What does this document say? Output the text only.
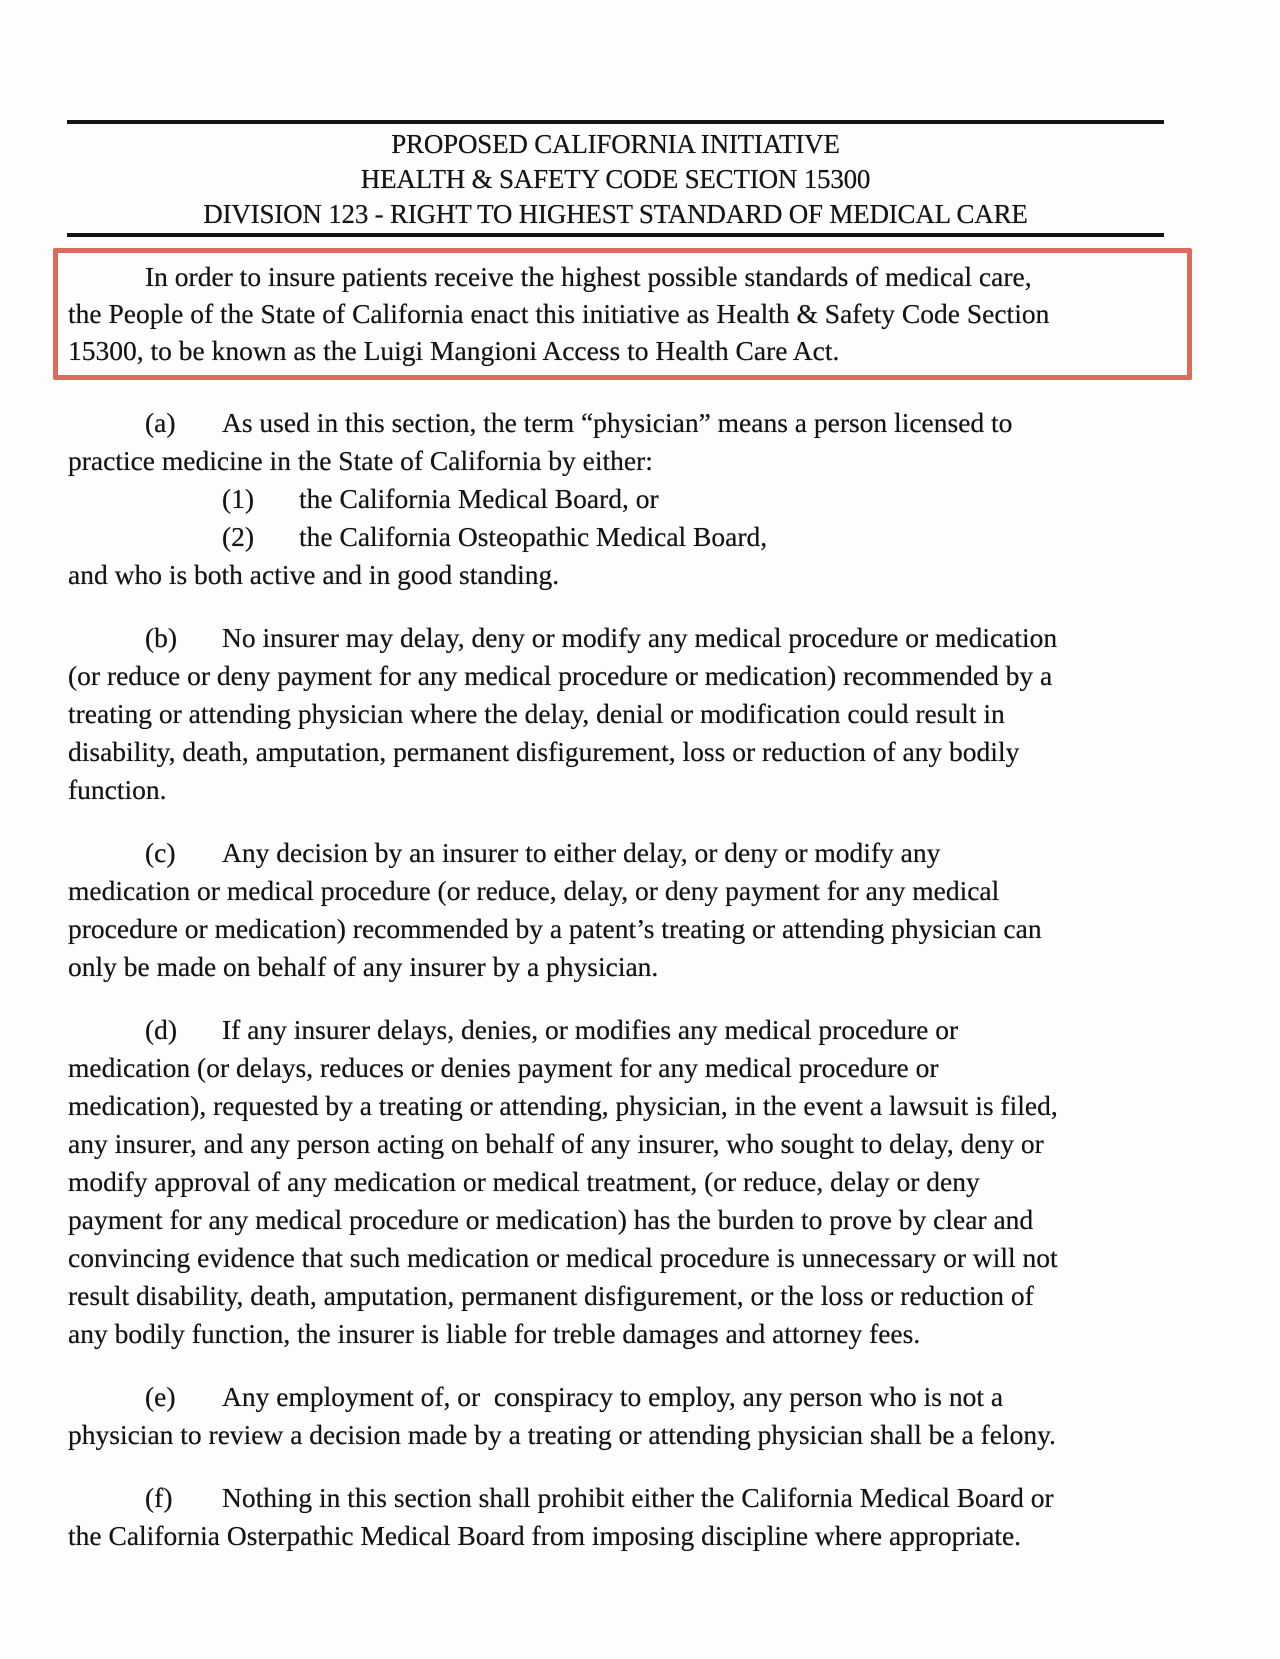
PROPOSED CALIFORNIA INITIATIVE
HEALTH & SAFETY CODE SECTION 15300
DIVISION 123 - RIGHT TO HIGHEST STANDARD OF MEDICAL CARE
	In order to insure patients receive the highest possible standards of medical care,
the People of the State of California enact this initiative as Health & Safety Code Section
15300, to be known as the Luigi Mangioni Access to Health Care Act.
	(a)	As used in this section, the term “physician” means a person licensed to
practice medicine in the State of California by either:
		(1)	the California Medical Board, or
		(2)	the California Osteopathic Medical Board,
and who is both active and in good standing.
	(b)	No insurer may delay, deny or modify any medical procedure or medication
(or reduce or deny payment for any medical procedure or medication) recommended by a
treating or attending physician where the delay, denial or modification could result in
disability, death, amputation, permanent disfigurement, loss or reduction of any bodily
function.
	(c)	Any decision by an insurer to either delay, or deny or modify any
medication or medical procedure (or reduce, delay, or deny payment for any medical
procedure or medication) recommended by a patent’s treating or attending physician can
only be made on behalf of any insurer by a physician.
	(d)	If any insurer delays, denies, or modifies any medical procedure or
medication (or delays, reduces or denies payment for any medical procedure or
medication), requested by a treating or attending, physician, in the event a lawsuit is filed,
any insurer, and any person acting on behalf of any insurer, who sought to delay, deny or
modify approval of any medication or medical treatment, (or reduce, delay or deny
payment for any medical procedure or medication) has the burden to prove by clear and
convincing evidence that such medication or medical procedure is unnecessary or will not
result disability, death, amputation, permanent disfigurement, or the loss or reduction of
any bodily function, the insurer is liable for treble damages and attorney fees.
	(e)	Any employment of, or  conspiracy to employ, any person who is not a
physician to review a decision made by a treating or attending physician shall be a felony.
	(f)	Nothing in this section shall prohibit either the California Medical Board or
the California Osterpathic Medical Board from imposing discipline where appropriate.
